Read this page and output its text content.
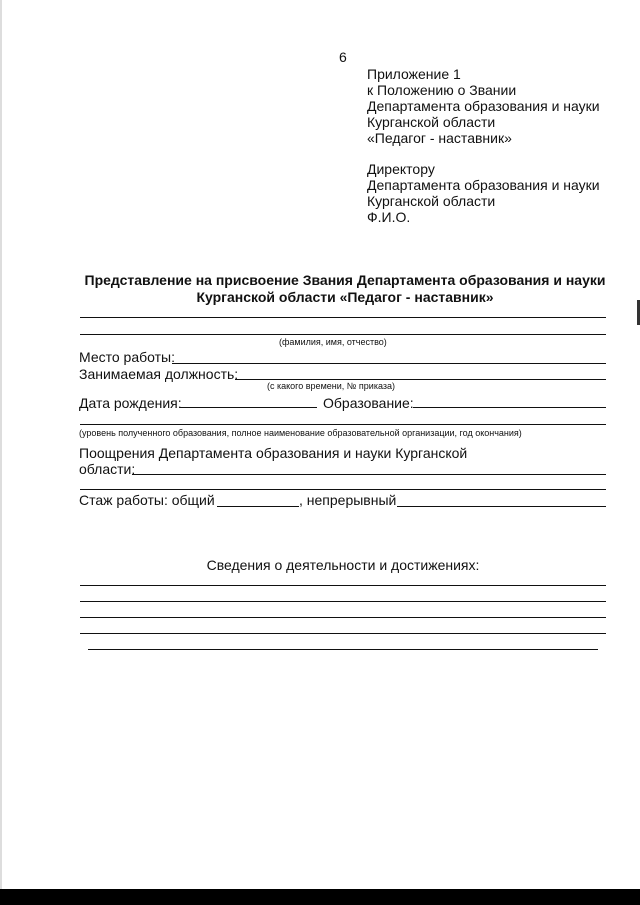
6
Приложение 1
к Положению о Звании
Департамента образования и науки
Курганской области
«Педагог - наставник»
Директору
Департамента образования и науки
Курганской области
Ф.И.О.
Представление на присвоение Звания Департамента образования и науки
Курганской области «Педагог - наставник»
(фамилия, имя, отчество)
Место работы:
Занимаемая должность:
(с какого времени, № приказа)
Дата рождения:	Образование:
(уровень полученного образования, полное наименование образовательной организации, год окончания)
Поощрения Департамента образования и науки Курганской
области:
Стаж работы: общий	, непрерывный
Сведения о деятельности и достижениях:
